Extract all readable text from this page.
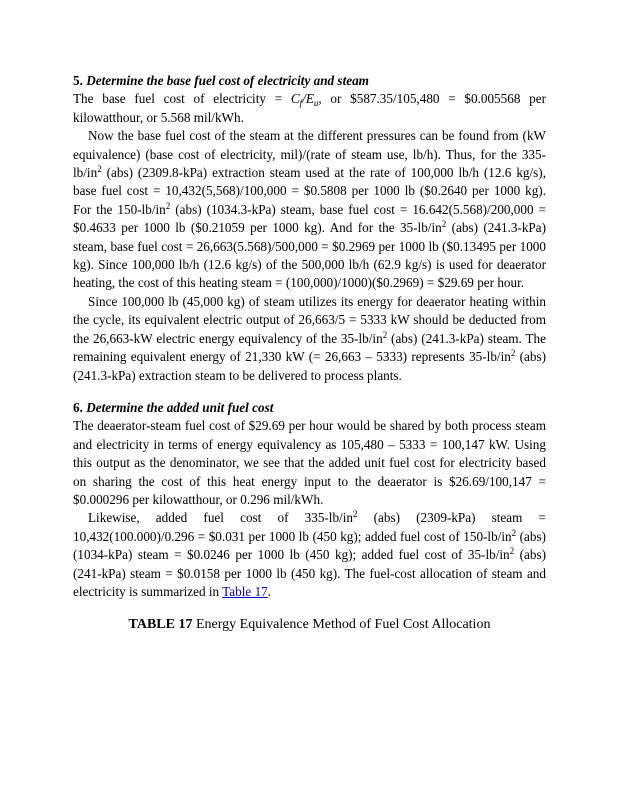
5. Determine the base fuel cost of electricity and steam

The base fuel cost of electricity = $C_f/E_u$, or $587.35/105,480 = $0.005568 per kilowatthour, or 5.568 mil/kWh.

Now the base fuel cost of the steam at the different pressures can be found from (kW equivalence) (base cost of electricity, mil)/(rate of steam use, lb/h). Thus, for the $335-lb/in^2$ (abs) (2309.8-kPa) extraction steam used at the rate of 100,000 lb/h (12.6 kg/s), base fuel cost = 10,432(5,568)/100,000 = $0.5808 per 1000 lb ($0.2640 per 1000 kg). For the $150-lb/in^2$ (abs) (1034.3-kPa) steam, base fuel cost = 16.642(5.568)/200,000 = $0.4633 per 1000 lb ($0.21059 per 1000 kg). And for the $35-lb/in^2$ (abs) (241.3-kPa) steam, base fuel cost = 26,663(5.568)/500,000 = $0.2969 per 1000 lb ($0.13495 per 1000 kg). Since 100,000 lb/h (12.6 kg/s) of the 500,000 lb/h (62.9 kg/s) is used for deaerator heating, the cost of this heating steam = (100,000)/1000)($0.2969) = $29.69 per hour.

Since 100,000 lb (45,000 kg) of steam utilizes its energy for deaerator heating within the cycle, its equivalent electric output of 26,663/5 = 5333 kW should be deducted from the 26,663-kW electric energy equivalency of the $35-lb/in^2$ (abs) (241.3-kPa) steam. The remaining equivalent energy of 21,330 kW (= 26,663 – 5333) represents $35-lb/in^2$ (abs) (241.3-kPa) extraction steam to be delivered to process plants.

6. Determine the added unit fuel cost

The deaerator-steam fuel cost of $29.69 per hour would be shared by both process steam and electricity in terms of energy equivalency as 105,480 – 5333 = 100,147 kW. Using this output as the denominator, we see that the added unit fuel cost for electricity based on sharing the cost of this heat energy input to the deaerator is $26.69/100,147 = $0.000296 per kilowatthour, or 0.296 mil/kWh.

Likewise, added fuel cost of $335-lb/in^2$ (abs) (2309-kPa) steam = 10,432(100.000)/0.296 = $0.031 per 1000 lb (450 kg); added fuel cost of $150-lb/in^2$ (abs) (1034-kPa) steam = $0.0246 per 1000 lb (450 kg); added fuel cost of $35-lb/in^2$ (abs) (241-kPa) steam = $0.0158 per 1000 lb (450 kg). The fuel-cost allocation of steam and electricity is summarized in Table 17.

TABLE 17 Energy Equivalence Method of Fuel Cost Allocation
